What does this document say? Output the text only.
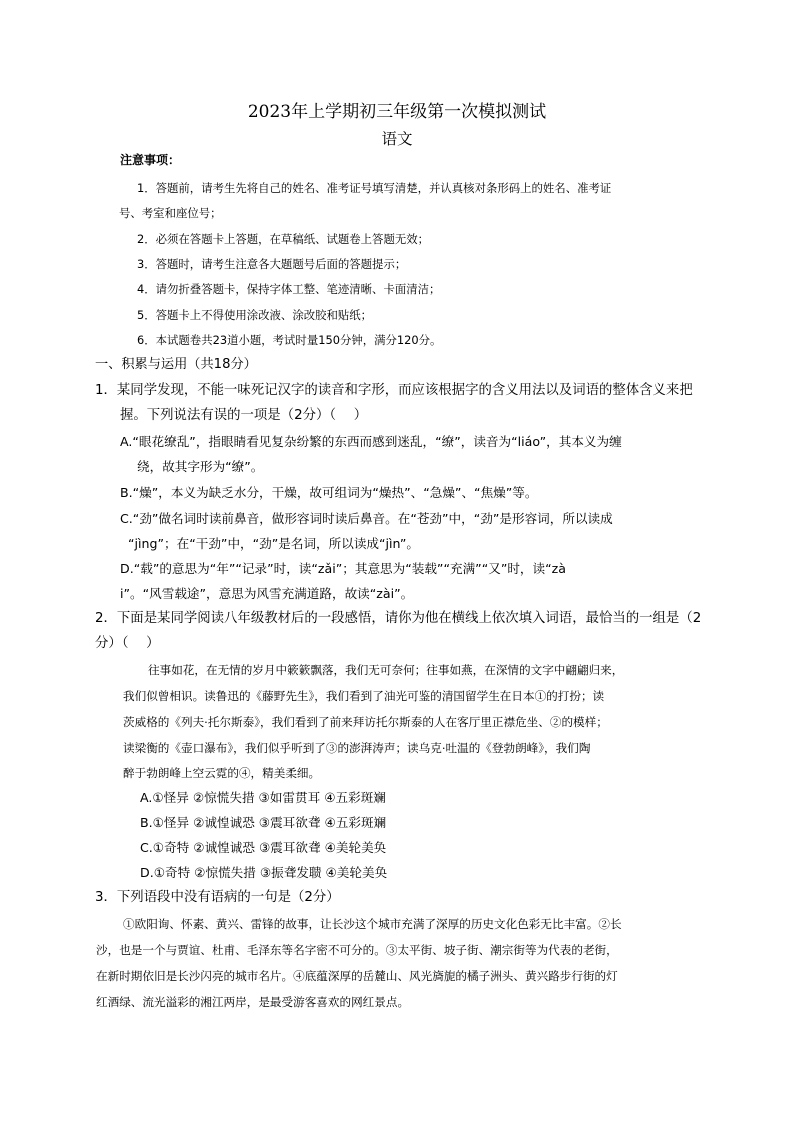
2023年上学期初三年级第一次模拟测试
语文
注意事项：
1．答题前，请考生先将自己的姓名、准考证号填写清楚，并认真核对条形码上的姓名、准考证
号、考室和座位号；
2．必须在答题卡上答题，在草稿纸、试题卷上答题无效；
3．答题时，请考生注意各大题题号后面的答题提示；
4．请勿折叠答题卡，保持字体工整、笔迹清晰、卡面清洁；
5．答题卡上不得使用涂改液、涂改胶和贴纸；
6．本试题卷共23道小题，考试时量150分钟，满分120分。
一、积累与运用（共18分）
1．某同学发现，不能一味死记汉字的读音和字形，而应该根据字的含义用法以及词语的整体含义来把
握。下列说法有误的一项是（2分）（　 ）
A.“眼花缭乱”，指眼睛看见复杂纷繁的东西而感到迷乱，“缭”，读音为“liáo”，其本义为缠
绕，故其字形为“缭”。
B.“燥”，本义为缺乏水分，干燥，故可组词为“燥热”、“急燥”、“焦燥”等。
C.“劲”做名词时读前鼻音，做形容词时读后鼻音。在“苍劲”中，“劲”是形容词，所以读成
“jìng”；在“干劲”中，“劲”是名词，所以读成“jìn”。
D.“载”的意思为“年”“记录”时，读“zǎi”；其意思为“装载”“充满”“又”时，读“zà
i”。“风雪载途”，意思为风雪充满道路，故读“zài”。
2．下面是某同学阅读八年级教材后的一段感悟，请你为他在横线上依次填入词语，最恰当的一组是（2
分）（　 ）
往事如花，在无情的岁月中簌簌飘落，我们无可奈何；往事如燕，在深情的文字中翩翩归来，
我们似曾相识。读鲁迅的《藤野先生》，我们看到了油光可鉴的清国留学生在日本①的打扮；读
茨威格的《列夫·托尔斯泰》，我们看到了前来拜访托尔斯泰的人在客厅里正襟危坐、②的模样；
读梁衡的《壶口瀑布》，我们似乎听到了③的澎湃涛声；读乌克·吐温的《登勃朗峰》，我们陶
醉于勃朗峰上空云霓的④，精美柔细。
A.①怪异 ②惊慌失措 ③如雷贯耳 ④五彩斑斓
B.①怪异 ②诚惶诚恐 ③震耳欲聋 ④五彩斑斓
C.①奇特 ②诚惶诚恐 ③震耳欲聋 ④美轮美奂
D.①奇特 ②惊慌失措 ③振聋发聩 ④美轮美奂
3．下列语段中没有语病的一句是（2分）
①欧阳询、怀素、黄兴、雷锋的故事，让长沙这个城市充满了深厚的历史文化色彩无比丰富。②长
沙，也是一个与贾谊、杜甫、毛泽东等名字密不可分的。③太平街、坡子街、潮宗街等为代表的老街，
在新时期依旧是长沙闪亮的城市名片。④底蕴深厚的岳麓山、风光旖旎的橘子洲头、黄兴路步行街的灯
红酒绿、流光溢彩的湘江两岸，是最受游客喜欢的网红景点。
